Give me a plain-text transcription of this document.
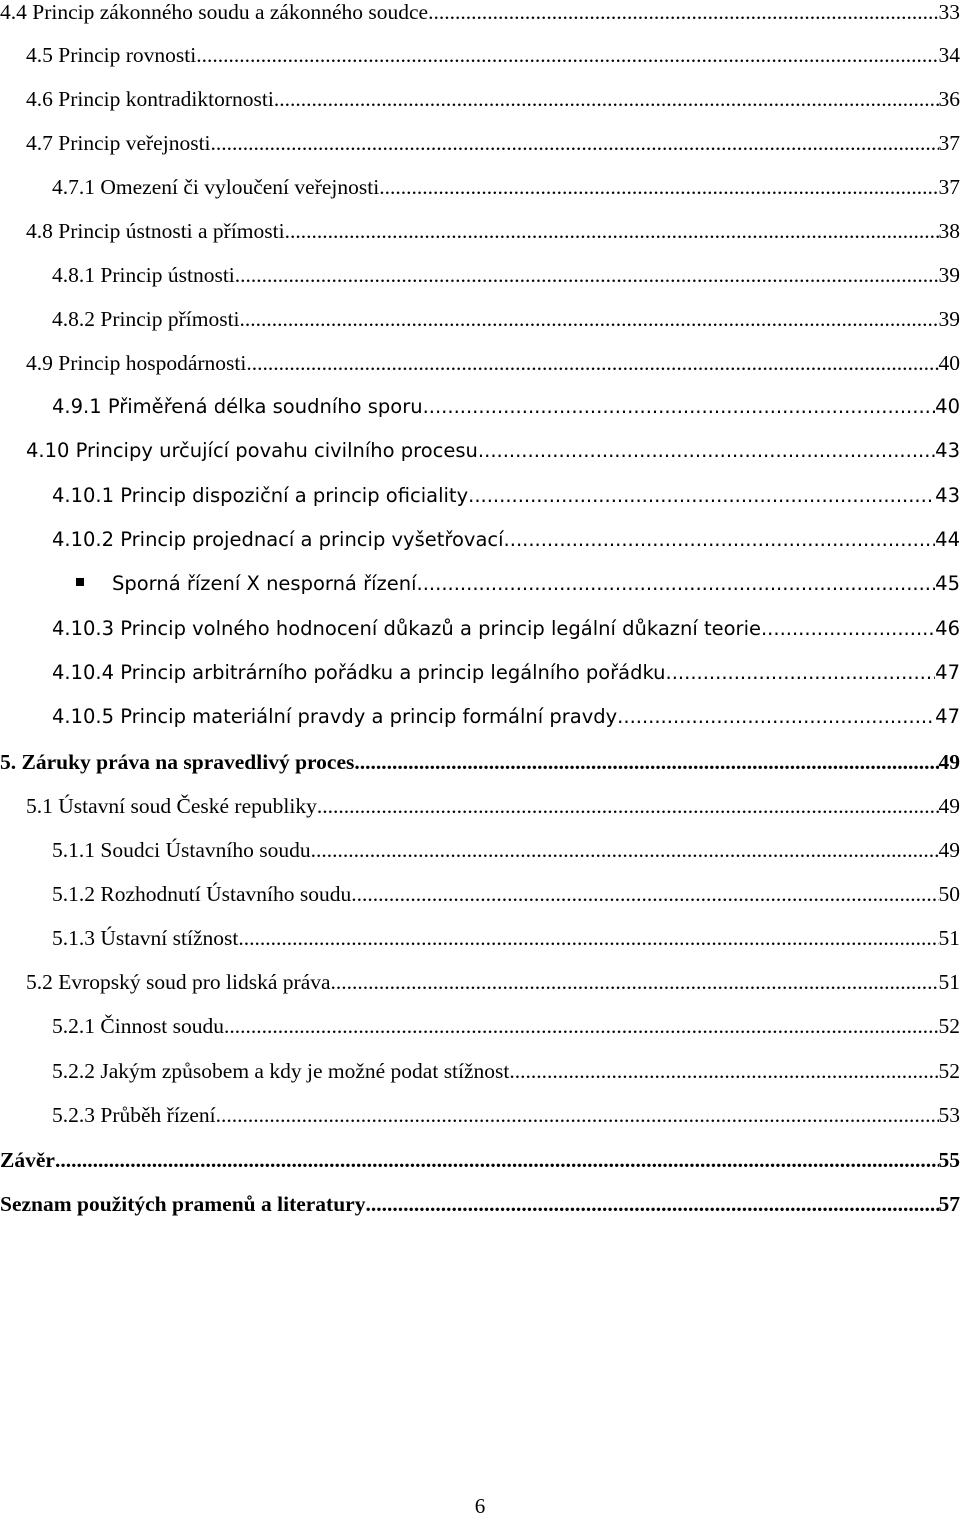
4.4 Princip zákonného soudu a zákonného soudce .....	33
4.5 Princip rovnosti .....	34
4.6 Princip kontradiktornosti .....	36
4.7 Princip veřejnosti .....	37
4.7.1 Omezení či vyloučení veřejnosti .....	37
4.8 Princip ústnosti a přímosti .....	38
4.8.1 Princip ústnosti .....	39
4.8.2 Princip přímosti .....	39
4.9 Princip hospodárnosti .....	40
4.9.1 Přiměřená délka soudního sporu .....	40
4.10 Principy určující povahu civilního procesu .....	43
4.10.1 Princip dispoziční a princip oficiality .....	43
4.10.2 Princip projednací a princip vyšetřovací .....	44
Sporná řízení X nesporná řízení .....	45
4.10.3 Princip volného hodnocení důkazů a princip legální důkazní teorie .....	46
4.10.4 Princip arbitrárního pořádku a princip legálního pořádku .....	47
4.10.5 Princip materiální pravdy a princip formální pravdy .....	47
5. Záruky práva na spravedlivý proces .....	49
5.1 Ústavní soud České republiky .....	49
5.1.1 Soudci Ústavního soudu .....	49
5.1.2 Rozhodnutí Ústavního soudu .....	50
5.1.3 Ústavní stížnost .....	51
5.2 Evropský soud pro lidská práva .....	51
5.2.1 Činnost soudu .....	52
5.2.2 Jakým způsobem a kdy je možné podat stížnost .....	52
5.2.3 Průběh řízení .....	53
Závěr .....	55
Seznam použitých pramenů a literatury .....	57
6
